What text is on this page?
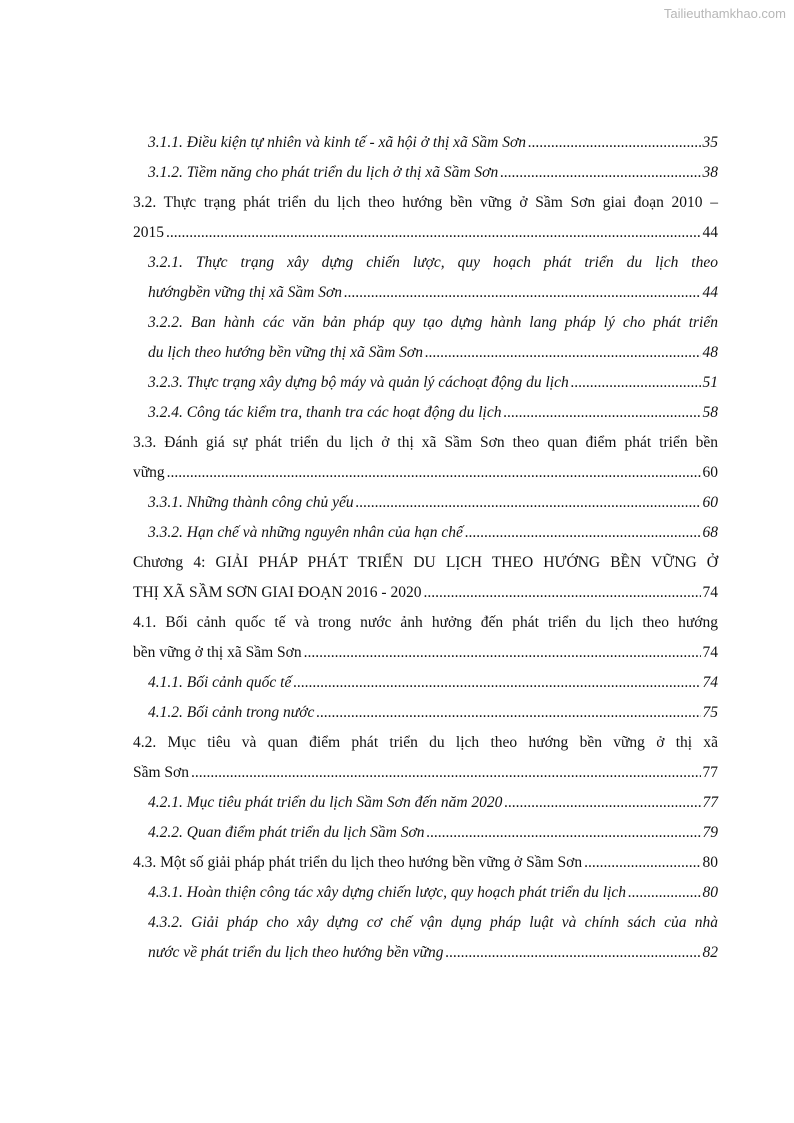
Tailieuthamkhao.com
3.1.1. Điều kiện tự nhiên và kinh tế - xã hội ở thị xã Sầm Sơn .....	35
3.1.2. Tiềm năng cho phát triển du lịch ở thị xã Sầm Sơn .....	38
3.2. Thực trạng phát triển du lịch theo hướng bền vững ở Sầm Sơn giai đoạn 2010 –
2015 .....	44
3.2.1. Thực trạng xây dựng chiến lược, quy hoạch phát triển du lịch theo
hướngbền vững thị xã Sầm Sơn .....	44
3.2.2. Ban hành các văn bản pháp quy tạo dựng hành lang pháp lý cho phát triển
du lịch theo hướng bền vững thị xã Sầm Sơn .....	48
3.2.3. Thực trạng xây dựng bộ máy và quản lý cáchoạt động du lịch .....	51
3.2.4. Công tác kiểm tra, thanh tra các hoạt động du lịch .....	58
3.3. Đánh giá sự phát triển du lịch ở thị xã Sầm Sơn theo quan điểm phát triển bền
vững .....	60
3.3.1. Những thành công chủ yếu .....	60
3.3.2. Hạn chế và những nguyên nhân của hạn chế .....	68
Chương 4: GIẢI PHÁP PHÁT TRIỂN DU LỊCH THEO HƯỚNG BỀN VỮNG Ở
THỊ XÃ SẦM SƠN GIAI ĐOẠN 2016 - 2020 .....	74
4.1. Bối cảnh quốc tế và trong nước ảnh hưởng đến phát triển du lịch theo hướng
bền vững ở thị xã Sầm Sơn .....	74
4.1.1. Bối cảnh quốc tế .....	74
4.1.2. Bối cảnh trong nước .....	75
4.2. Mục tiêu và quan điểm phát triển du lịch theo hướng bền vững ở thị xã
Sầm Sơn .....	77
4.2.1. Mục tiêu phát triển du lịch Sầm Sơn đến năm 2020 .....	77
4.2.2. Quan điểm phát triển du lịch Sầm Sơn .....	79
4.3. Một số giải pháp phát triển du lịch theo hướng bền vững ở Sầm Sơn .....	80
4.3.1. Hoàn thiện công tác xây dựng chiến lược, quy hoạch phát triển du lịch .....	80
4.3.2. Giải pháp cho xây dựng cơ chế vận dụng pháp luật và chính sách của nhà
nước về phát triển du lịch theo hướng bền vững .....	82
